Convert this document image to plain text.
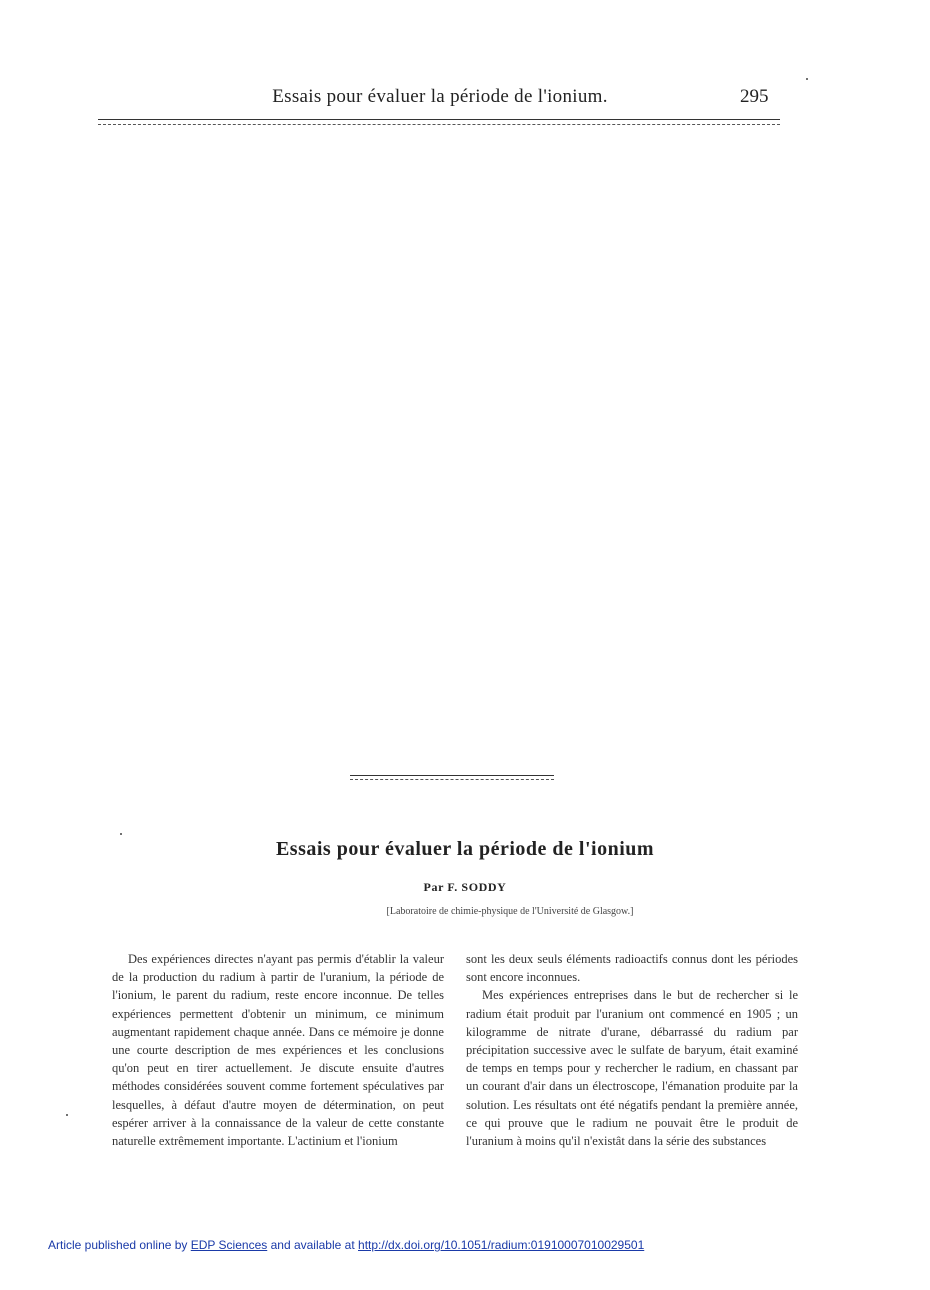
Essais pour évaluer la période de l'ionium.	295
Essais pour évaluer la période de l'ionium
Par F. SODDY
[Laboratoire de chimie-physique de l'Université de Glasgow.]

Des expériences directes n'ayant pas permis d'établir la valeur de la production du radium à partir de l'uranium, la période de l'ionium, le parent du radium, reste encore inconnue. De telles expériences permettent d'obtenir un minimum, ce minimum augmentant rapidement chaque année. Dans ce mémoire je donne une courte description de mes expériences et les conclusions qu'on peut en tirer actuellement. Je discute ensuite d'autres méthodes considérées souvent comme fortement spéculatives par lesquelles, à défaut d'autre moyen de détermination, on peut espérer arriver à la connaissance de la valeur de cette constante naturelle extrêmement importante. L'actinium et l'ionium

sont les deux seuls éléments radioactifs connus dont les périodes sont encore inconnues.

Mes expériences entreprises dans le but de rechercher si le radium était produit par l'uranium ont commencé en 1905 ; un kilogramme de nitrate d'urane, débarrassé du radium par précipitation successive avec le sulfate de baryum, était examiné de temps en temps pour y rechercher le radium, en chassant par un courant d'air dans un électroscope, l'émanation produite par la solution. Les résultats ont été négatifs pendant la première année, ce qui prouve que le radium ne pouvait être le produit de l'uranium à moins qu'il n'existât dans la série des substances

Article published online by EDP Sciences and available at http://dx.doi.org/10.1051/radium:01910007010029501
